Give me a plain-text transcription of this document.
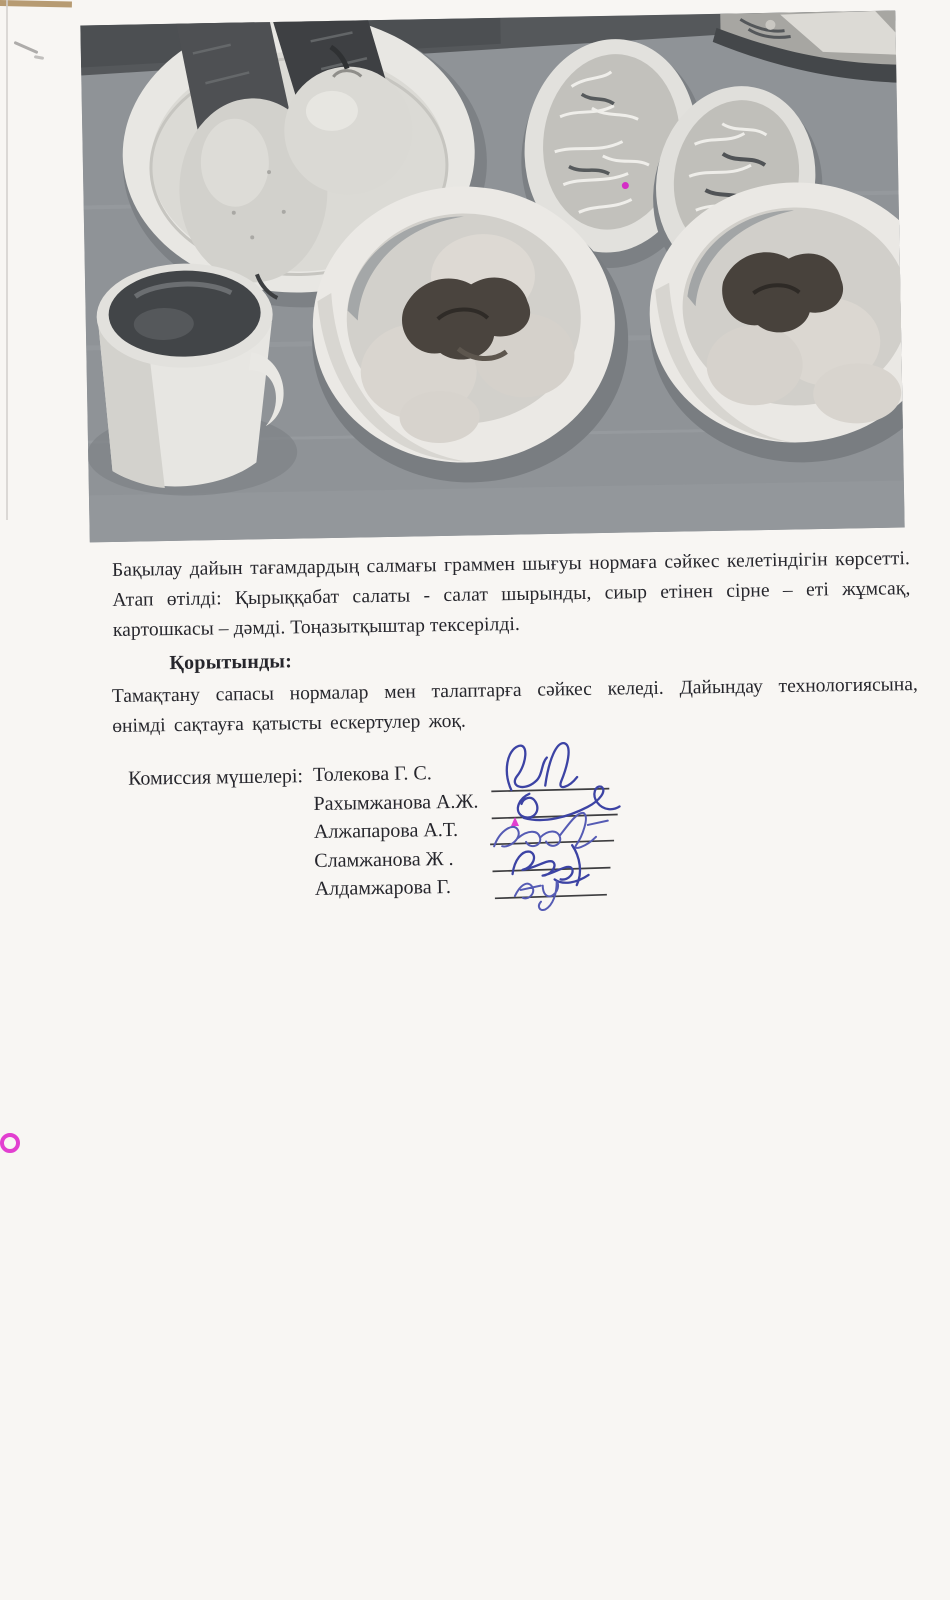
Бақылау дайын тағамдардың салмағы граммен шығуы нормаға сәйкес келетіндігін көрсетті. Атап өтілді: Қырыққабат салаты - салат шырынды, сиыр етінен сірне – еті жұмсақ, картошкасы – дәмді. Тоңазытқыштар тексерілді.

Қорытынды:

Тамақтану сапасы нормалар мен талаптарға сәйкес келеді. Дайындау технологиясына, өнімді сақтауға қатысты ескертулер жоқ.

Комиссия мүшелері: Толекова Г. С.
Рахымжанова А.Ж.
Алжапарова А.Т.
Сламжанова Ж .
Алдамжарова Г.
